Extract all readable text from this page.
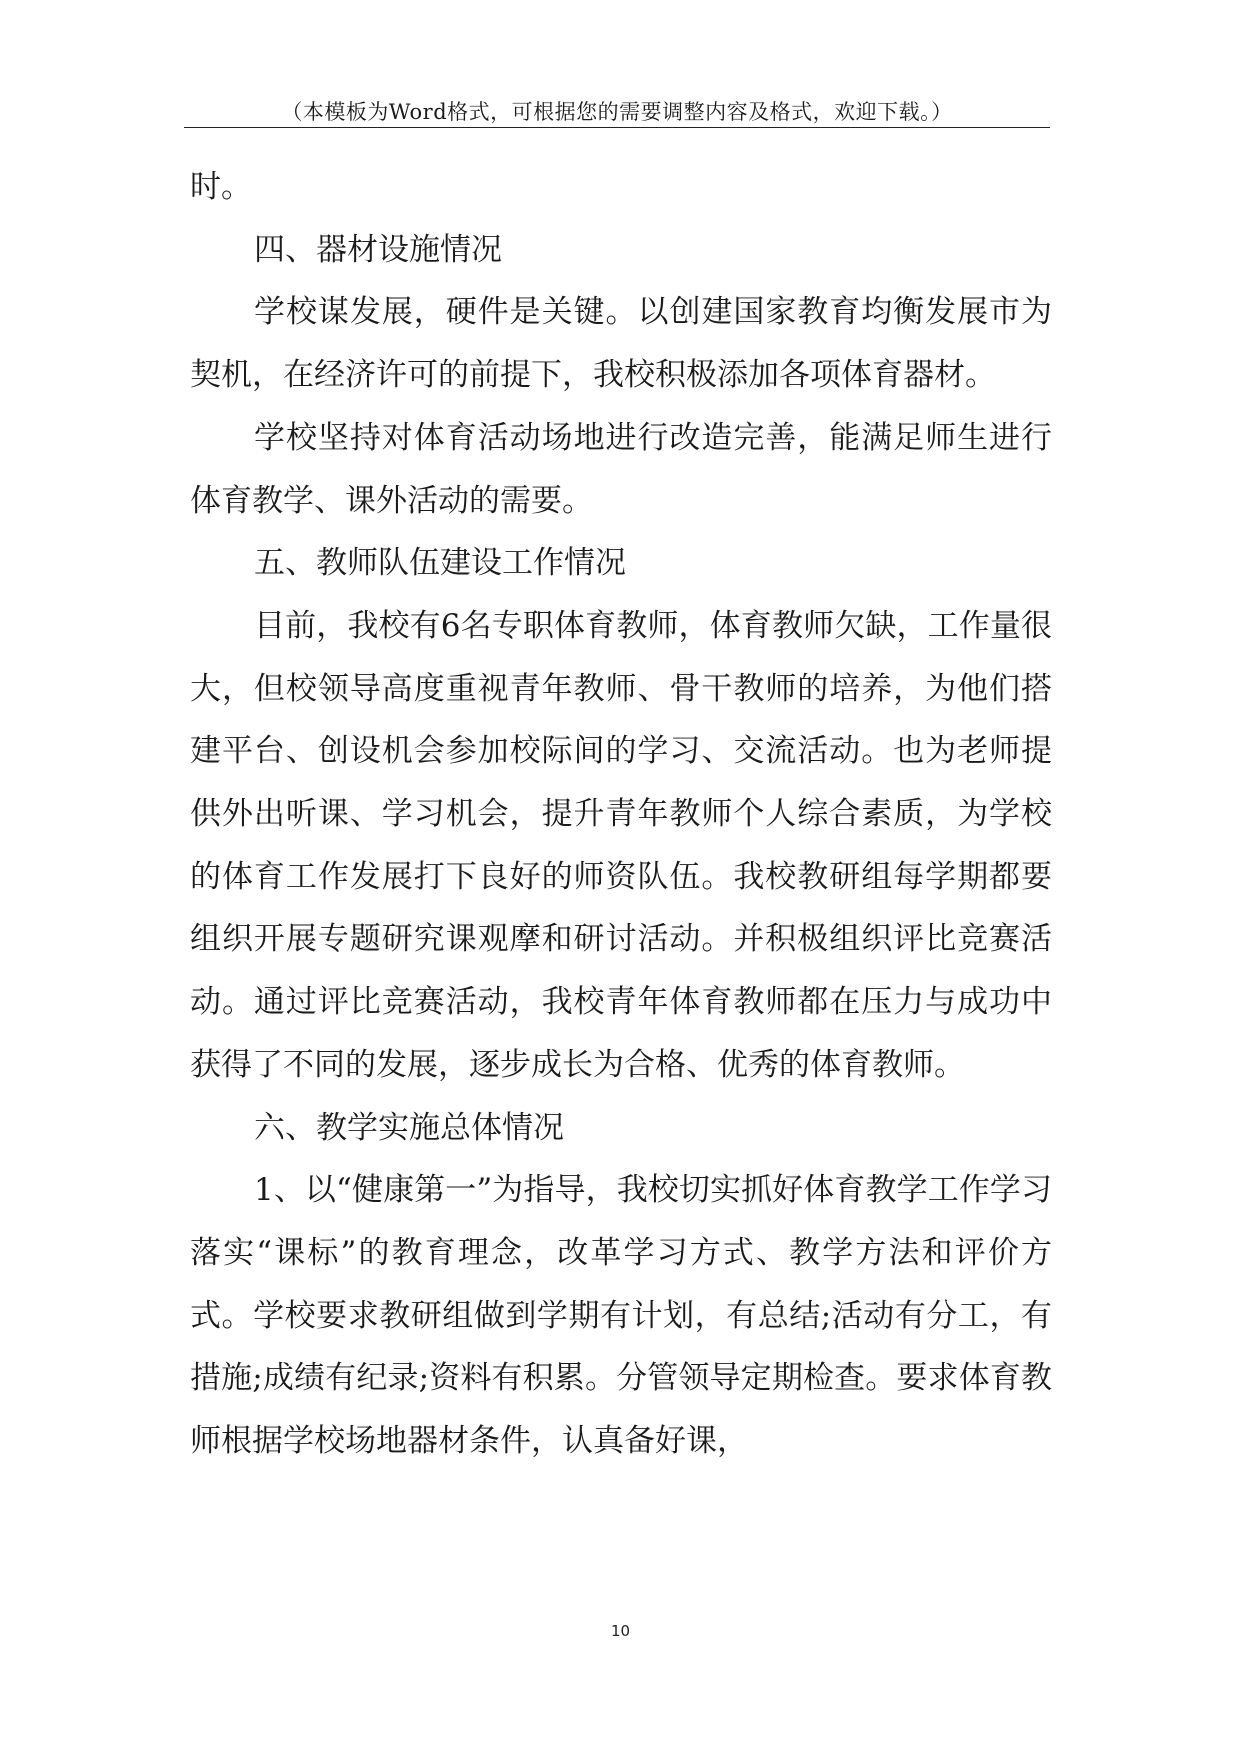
（本模板为Word格式，可根据您的需要调整内容及格式，欢迎下载。）

时。

四、器材设施情况

学校谋发展，硬件是关键。以创建国家教育均衡发展市为契机，在经济许可的前提下，我校积极添加各项体育器材。

学校坚持对体育活动场地进行改造完善，能满足师生进行体育教学、课外活动的需要。

五、教师队伍建设工作情况

目前，我校有6名专职体育教师，体育教师欠缺，工作量很大，但校领导高度重视青年教师、骨干教师的培养，为他们搭建平台、创设机会参加校际间的学习、交流活动。也为老师提供外出听课、学习机会，提升青年教师个人综合素质，为学校的体育工作发展打下良好的师资队伍。我校教研组每学期都要组织开展专题研究课观摩和研讨活动。并积极组织评比竞赛活动。通过评比竞赛活动，我校青年体育教师都在压力与成功中获得了不同的发展，逐步成长为合格、优秀的体育教师。

六、教学实施总体情况

1、以“健康第一”为指导，我校切实抓好体育教学工作学习落实“课标”的教育理念，改革学习方式、教学方法和评价方式。学校要求教研组做到学期有计划，有总结;活动有分工，有措施;成绩有纪录;资料有积累。分管领导定期检查。要求体育教师根据学校场地器材条件，认真备好课，

10
